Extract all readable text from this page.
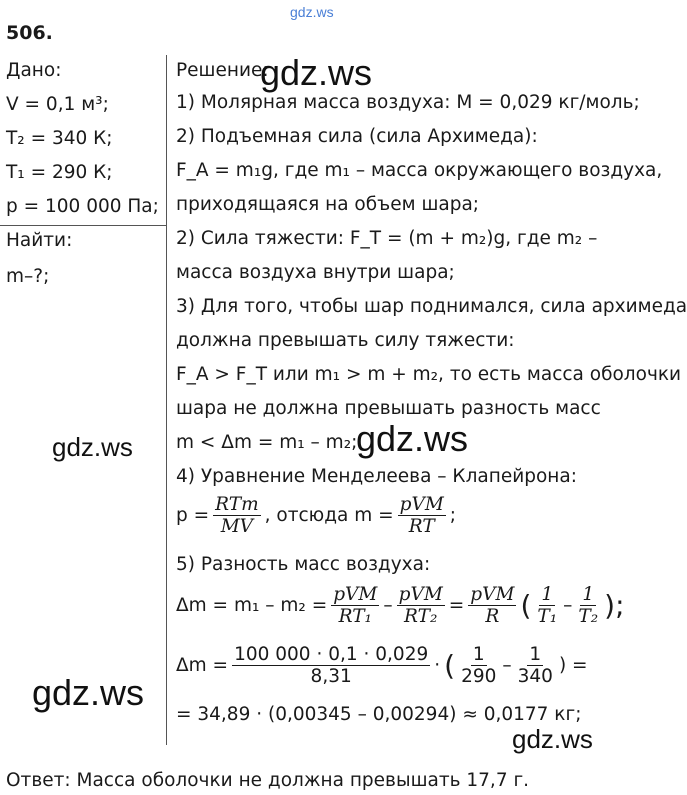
gdz.ws
506.
Дано:
V = 0,1 м³;
T₂ = 340 К;
T₁ = 290 К;
p = 100 000 Па;
Найти:
m–?;
Решение:
1) Молярная масса воздуха: M = 0,029 кг/моль;
2) Подъемная сила (сила Архимеда):
F_A = m₁g, где m₁ – масса окружающего воздуха,
приходящаяся на объем шара;
2) Сила тяжести: F_T = (m + m₂)g, где m₂ –
масса воздуха внутри шара;
3) Для того, чтобы шар поднимался, сила архимеда
должна превышать силу тяжести:
F_A > F_T или m₁ > m + m₂, то есть масса оболочки
шара не должна превышать разность масс
m < Δm = m₁ – m₂;
4) Уравнение Менделеева – Клапейрона:
$p = \frac{\text{RTm}}{MV}$ , отсюда $m = \frac{\text{pVM}}{RT}$ ;
5) Разность масс воздуха:
$\Delta m = m_1 - m_2 = \frac{\text{pVM}}{\text{RT₁}} - \frac{\text{pVM}}{\text{RT₂}} = \frac{\text{pVM}}{R}$ ( $\frac{1}{\text{T₁}} - \frac{1}{\text{T₂}}$ );
$\Delta m = \frac{100 000 \cdot 0,1 \cdot 0,029}{8,31}$ · ( $\frac{1}{290} - \frac{1}{340}$ ) =
= 34,89 · (0,00345 – 0,00294) ≈ 0,0177 кг;
Ответ: Масса оболочки не должна превышать 17,7 г.
gdz.ws
gdz.ws	gdz.ws
gdz.ws
gdz.ws
